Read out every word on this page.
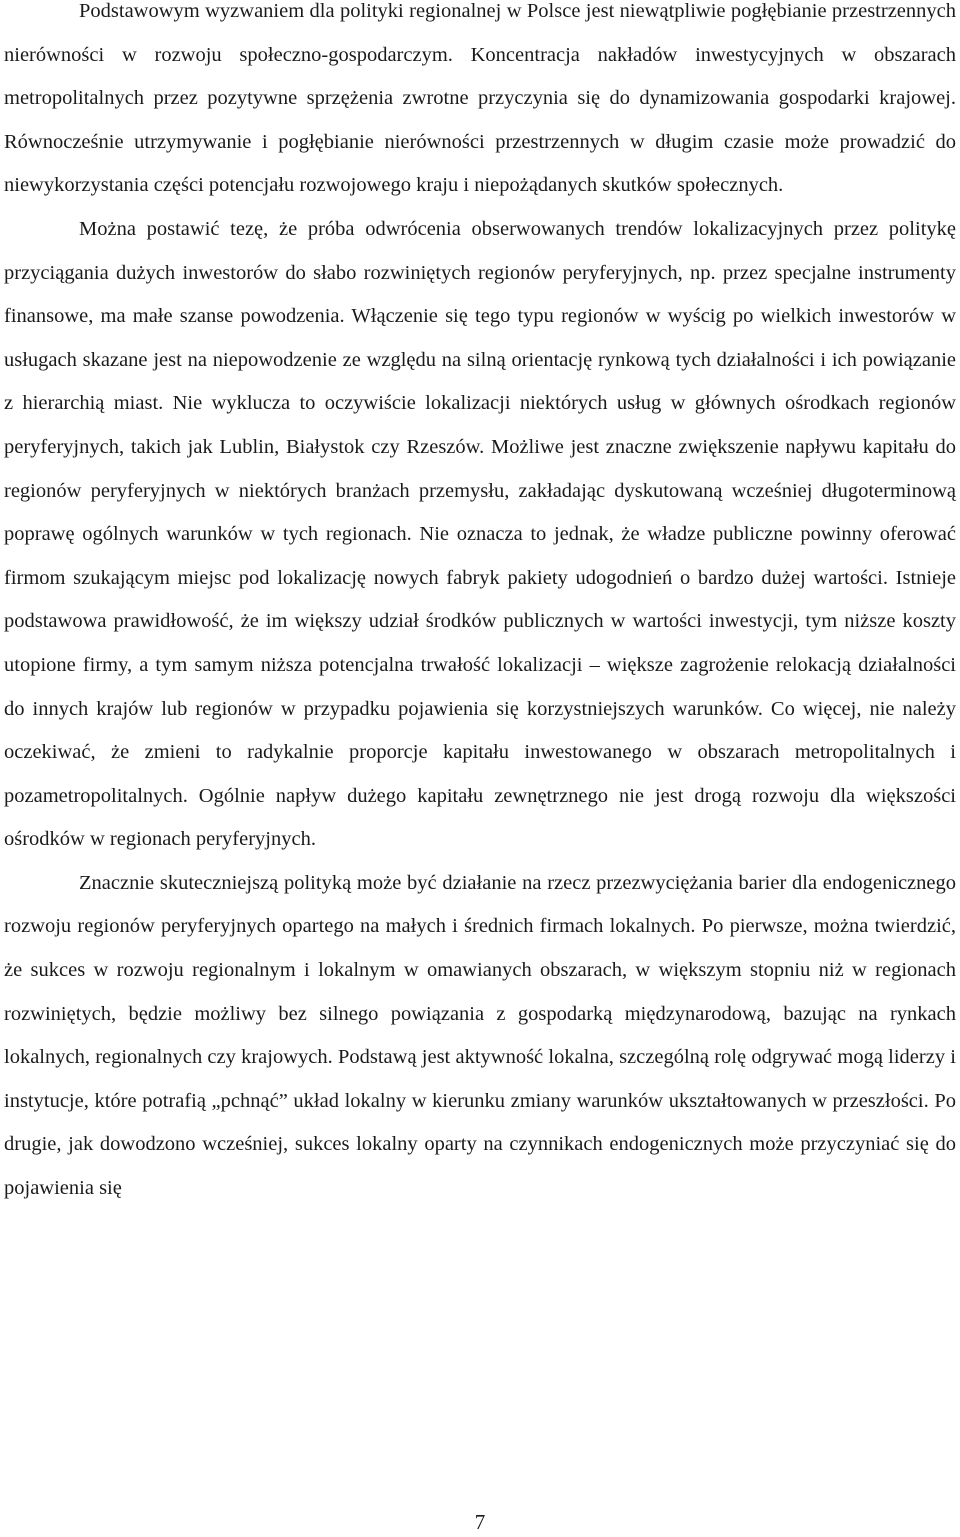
Podstawowym wyzwaniem dla polityki regionalnej w Polsce jest niewątpliwie pogłębianie przestrzennych nierówności w rozwoju społeczno-gospodarczym. Koncentracja nakładów inwestycyjnych w obszarach metropolitalnych przez pozytywne sprzężenia zwrotne przyczynia się do dynamizowania gospodarki krajowej. Równocześnie utrzymywanie i pogłębianie nierówności przestrzennych w długim czasie może prowadzić do niewykorzystania części potencjału rozwojowego kraju i niepożądanych skutków społecznych.

Można postawić tezę, że próba odwrócenia obserwowanych trendów lokalizacyjnych przez politykę przyciągania dużych inwestorów do słabo rozwiniętych regionów peryferyjnych, np. przez specjalne instrumenty finansowe, ma małe szanse powodzenia. Włączenie się tego typu regionów w wyścig po wielkich inwestorów w usługach skazane jest na niepowodzenie ze względu na silną orientację rynkową tych działalności i ich powiązanie z hierarchią miast. Nie wyklucza to oczywiście lokalizacji niektórych usług w głównych ośrodkach regionów peryferyjnych, takich jak Lublin, Białystok czy Rzeszów. Możliwe jest znaczne zwiększenie napływu kapitału do regionów peryferyjnych w niektórych branżach przemysłu, zakładając dyskutowaną wcześniej długoterminową poprawę ogólnych warunków w tych regionach. Nie oznacza to jednak, że władze publiczne powinny oferować firmom szukającym miejsc pod lokalizację nowych fabryk pakiety udogodnień o bardzo dużej wartości. Istnieje podstawowa prawidłowość, że im większy udział środków publicznych w wartości inwestycji, tym niższe koszty utopione firmy, a tym samym niższa potencjalna trwałość lokalizacji – większe zagrożenie relokacją działalności do innych krajów lub regionów w przypadku pojawienia się korzystniejszych warunków. Co więcej, nie należy oczekiwać, że zmieni to radykalnie proporcje kapitału inwestowanego w obszarach metropolitalnych i pozametropolitalnych. Ogólnie napływ dużego kapitału zewnętrznego nie jest drogą rozwoju dla większości ośrodków w regionach peryferyjnych.

Znacznie skuteczniejszą polityką może być działanie na rzecz przezwyciężania barier dla endogenicznego rozwoju regionów peryferyjnych opartego na małych i średnich firmach lokalnych. Po pierwsze, można twierdzić, że sukces w rozwoju regionalnym i lokalnym w omawianych obszarach, w większym stopniu niż w regionach rozwiniętych, będzie możliwy bez silnego powiązania z gospodarką międzynarodową, bazując na rynkach lokalnych, regionalnych czy krajowych. Podstawą jest aktywność lokalna, szczególną rolę odgrywać mogą liderzy i instytucje, które potrafią „pchnąć” układ lokalny w kierunku zmiany warunków ukształtowanych w przeszłości. Po drugie, jak dowodzono wcześniej, sukces lokalny oparty na czynnikach endogenicznych może przyczyniać się do pojawienia się

7
